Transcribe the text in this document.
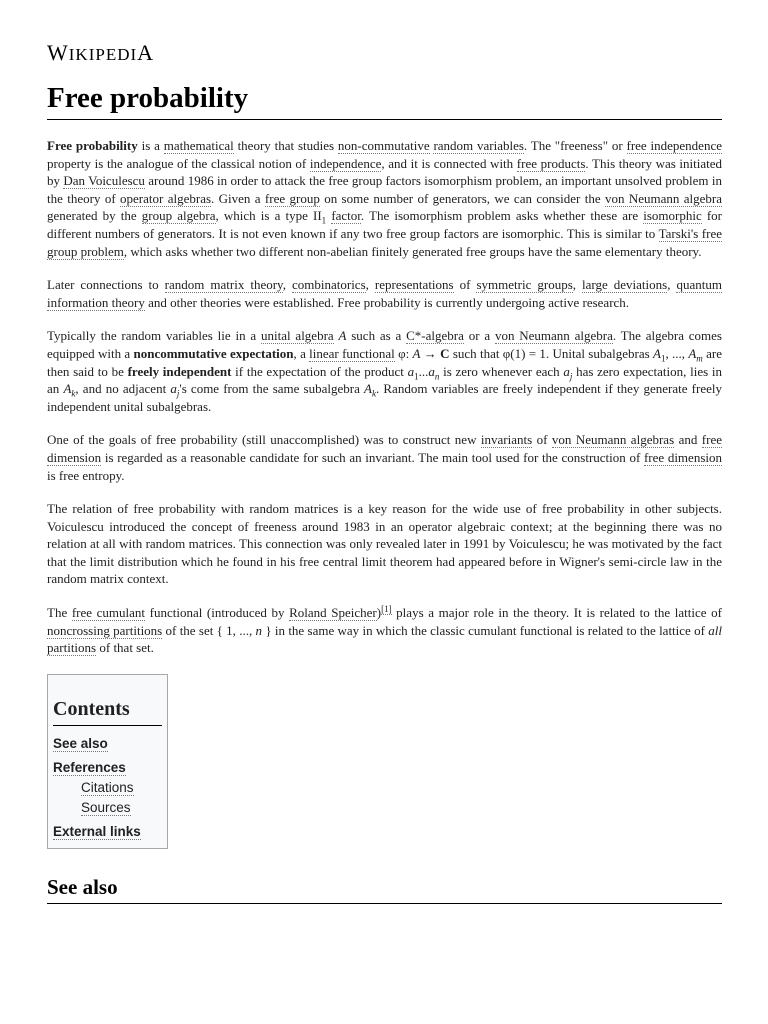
WIKIPEDIA
Free probability

Free probability is a mathematical theory that studies non-commutative random variables. The "freeness" or free independence property is the analogue of the classical notion of independence, and it is connected with free products. This theory was initiated by Dan Voiculescu around 1986 in order to attack the free group factors isomorphism problem, an important unsolved problem in the theory of operator algebras. Given a free group on some number of generators, we can consider the von Neumann algebra generated by the group algebra, which is a type $II_1$ factor. The isomorphism problem asks whether these are isomorphic for different numbers of generators. It is not even known if any two free group factors are isomorphic. This is similar to Tarski's free group problem, which asks whether two different non-abelian finitely generated free groups have the same elementary theory.

Later connections to random matrix theory, combinatorics, representations of symmetric groups, large deviations, quantum information theory and other theories were established. Free probability is currently undergoing active research.

Typically the random variables lie in a unital algebra A such as a C*-algebra or a von Neumann algebra. The algebra comes equipped with a noncommutative expectation, a linear functional φ: A → C such that φ(1) = 1. Unital subalgebras $A_1$, ..., $A_m$ are then said to be freely independent if the expectation of the product $a_1...a_n$ is zero whenever each $a_j$ has zero expectation, lies in an $A_k$, and no adjacent $a_j's$ come from the same subalgebra $A_k$. Random variables are freely independent if they generate freely independent unital subalgebras.

One of the goals of free probability (still unaccomplished) was to construct new invariants of von Neumann algebras and free dimension is regarded as a reasonable candidate for such an invariant. The main tool used for the construction of free dimension is free entropy.

The relation of free probability with random matrices is a key reason for the wide use of free probability in other subjects. Voiculescu introduced the concept of freeness around 1983 in an operator algebraic context; at the beginning there was no relation at all with random matrices. This connection was only revealed later in 1991 by Voiculescu; he was motivated by the fact that the limit distribution which he found in his free central limit theorem had appeared before in Wigner's semi-circle law in the random matrix context.

The free cumulant functional (introduced by Roland Speicher)[1] plays a major role in the theory. It is related to the lattice of noncrossing partitions of the set { 1, ..., n } in the same way in which the classic cumulant functional is related to the lattice of all partitions of that set.

Contents
See also
References
Citations
Sources
External links
See also
